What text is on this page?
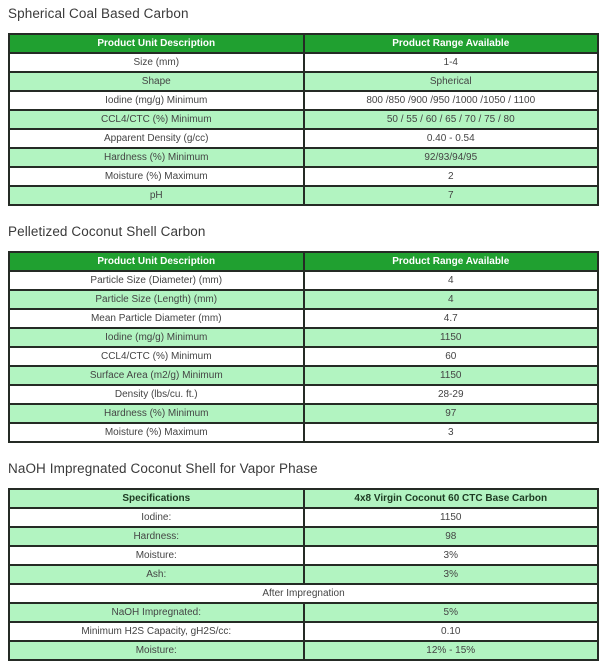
Spherical Coal Based Carbon
Product Unit Description	Product Range Available
Size (mm)	1-4
Shape	Spherical
Iodine (mg/g) Minimum	800 /850 /900 /950 /1000 /1050 / 1100
CCL4/CTC (%) Minimum	50 / 55 / 60 / 65 / 70 / 75 / 80
Apparent Density (g/cc)	0.40 - 0.54
Hardness (%) Minimum	92/93/94/95
Moisture (%) Maximum	2
pH	7
Pelletized Coconut Shell Carbon
Product Unit Description	Product Range Available
Particle Size (Diameter) (mm)	4
Particle Size (Length) (mm)	4
Mean Particle Diameter (mm)	4.7
Iodine (mg/g) Minimum	1150
CCL4/CTC (%) Minimum	60
Surface Area (m2/g) Minimum	1150
Density (lbs/cu. ft.)	28-29
Hardness (%) Minimum	97
Moisture (%) Maximum	3
NaOH Impregnated Coconut Shell for Vapor Phase
Specifications	4x8 Virgin Coconut 60 CTC Base Carbon
Iodine:	1150
Hardness:	98
Moisture:	3%
Ash:	3%
After Impregnation	
NaOH Impregnated:	5%
Minimum H2S Capacity, gH2S/cc:	0.10
Moisture:	12% - 15%
